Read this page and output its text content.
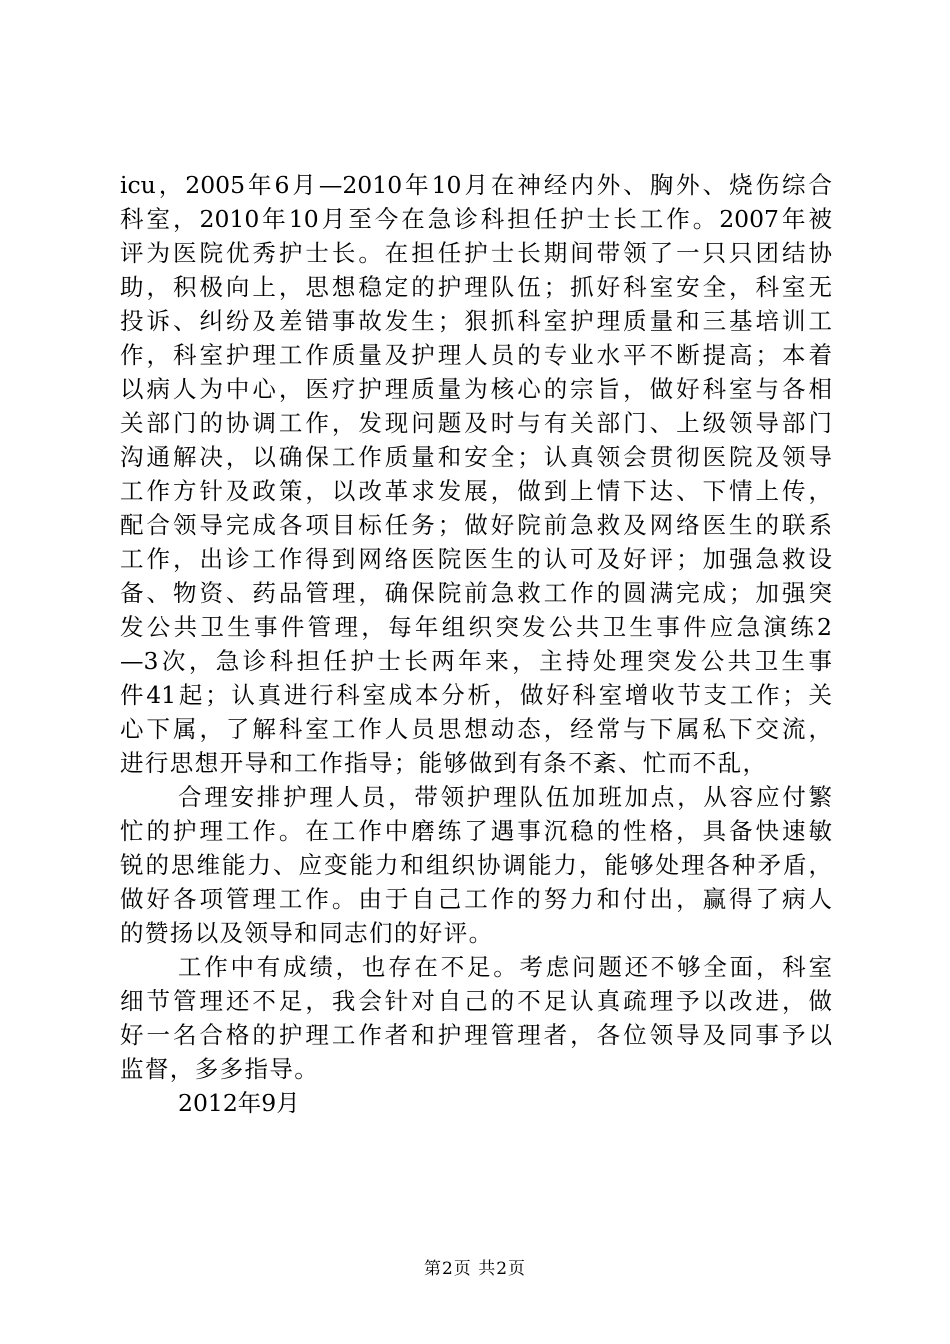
icu，2005年6月—2010年10月在神经内外、胸外、烧伤综合
科室，2010年10月至今在急诊科担任护士长工作。2007年被
评为医院优秀护士长。在担任护士长期间带领了一只只团结协
助，积极向上，思想稳定的护理队伍；抓好科室安全，科室无
投诉、纠纷及差错事故发生；狠抓科室护理质量和三基培训工
作，科室护理工作质量及护理人员的专业水平不断提高；本着
以病人为中心，医疗护理质量为核心的宗旨，做好科室与各相
关部门的协调工作，发现问题及时与有关部门、上级领导部门
沟通解决，以确保工作质量和安全；认真领会贯彻医院及领导
工作方针及政策，以改革求发展，做到上情下达、下情上传，
配合领导完成各项目标任务；做好院前急救及网络医生的联系
工作，出诊工作得到网络医院医生的认可及好评；加强急救设
备、物资、药品管理，确保院前急救工作的圆满完成；加强突
发公共卫生事件管理，每年组织突发公共卫生事件应急演练2
—3次，急诊科担任护士长两年来，主持处理突发公共卫生事
件41起；认真进行科室成本分析，做好科室增收节支工作；关
心下属，了解科室工作人员思想动态，经常与下属私下交流，
进行思想开导和工作指导；能够做到有条不紊、忙而不乱，
合理安排护理人员，带领护理队伍加班加点，从容应付繁
忙的护理工作。在工作中磨练了遇事沉稳的性格，具备快速敏
锐的思维能力、应变能力和组织协调能力，能够处理各种矛盾，
做好各项管理工作。由于自己工作的努力和付出，赢得了病人
的赞扬以及领导和同志们的好评。
工作中有成绩，也存在不足。考虑问题还不够全面，科室
细节管理还不足，我会针对自己的不足认真疏理予以改进，做
好一名合格的护理工作者和护理管理者，各位领导及同事予以
监督，多多指导。
2012年9月
第2页 共2页
